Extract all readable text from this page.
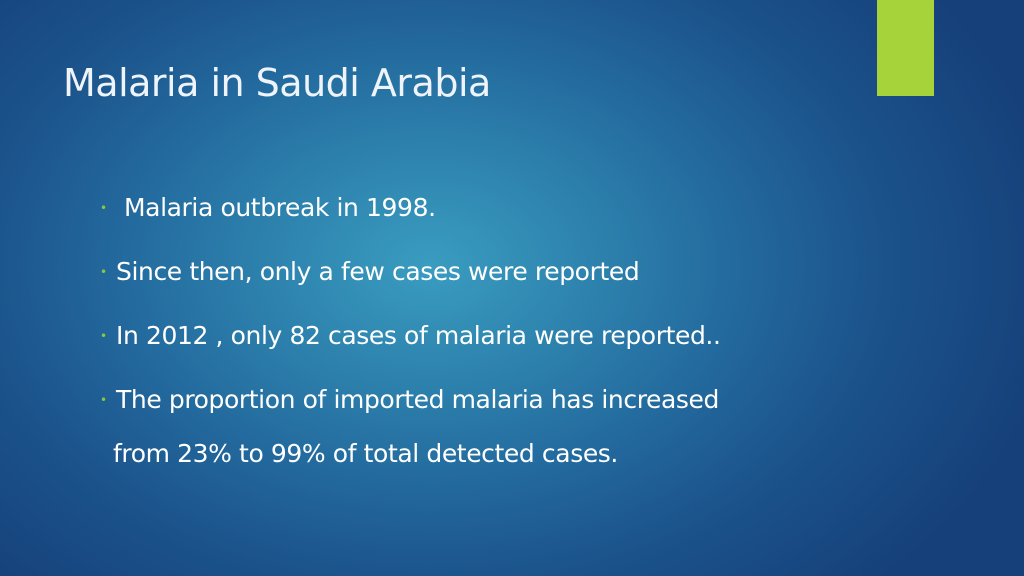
Malaria in Saudi Arabia
• Malaria outbreak in 1998.
• Since then, only a few cases were reported
• In 2012 , only 82 cases of malaria were reported..
• The proportion of imported malaria has increased
from 23% to 99% of total detected cases.
